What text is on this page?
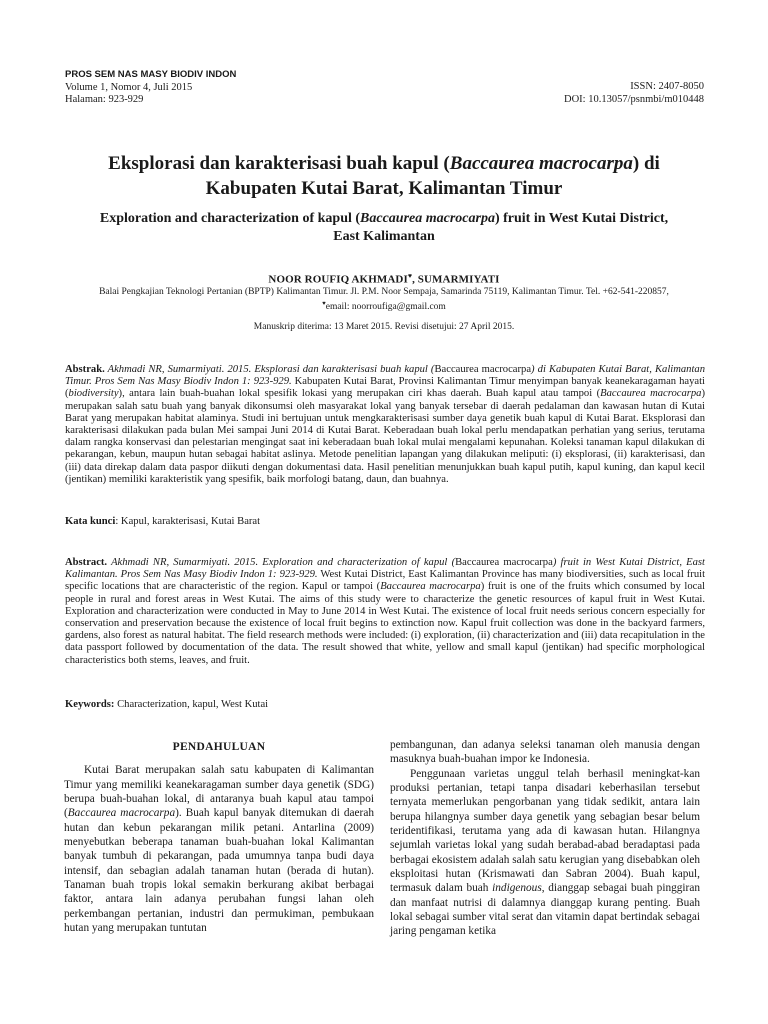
PROS SEM NAS MASY BIODIV INDON
Volume 1, Nomor 4, Juli 2015
Halaman: 923-929
ISSN: 2407-8050
DOI: 10.13057/psnmbi/m010448
Eksplorasi dan karakterisasi buah kapul (Baccaurea macrocarpa) di
Kabupaten Kutai Barat, Kalimantan Timur
Exploration and characterization of kapul (Baccaurea macrocarpa) fruit in West Kutai District,
East Kalimantan
NOOR ROUFIQ AKHMADI♥, SUMARMIYATI
Balai Pengkajian Teknologi Pertanian (BPTP) Kalimantan Timur. Jl. P.M. Noor Sempaja, Samarinda 75119, Kalimantan Timur. Tel. +62-541-220857,
♥email: noorroufiga@gmail.com
Manuskrip diterima: 13 Maret 2015. Revisi disetujui: 27 April 2015.
Abstrak. Akhmadi NR, Sumarmiyati. 2015. Eksplorasi dan karakterisasi buah kapul (Baccaurea macrocarpa) di Kabupaten Kutai Barat, Kalimantan Timur. Pros Sem Nas Masy Biodiv Indon 1: 923-929. Kabupaten Kutai Barat, Provinsi Kalimantan Timur menyimpan banyak keanekaragaman hayati (biodiversity), antara lain buah-buahan lokal spesifik lokasi yang merupakan ciri khas daerah. Buah kapul atau tampoi (Baccaurea macrocarpa) merupakan salah satu buah yang banyak dikonsumsi oleh masyarakat lokal yang banyak tersebar di daerah pedalaman dan kawasan hutan di Kutai Barat yang merupakan habitat alaminya. Studi ini bertujuan untuk mengkarakterisasi sumber daya genetik buah kapul di Kutai Barat. Eksplorasi dan karakterisasi dilakukan pada bulan Mei sampai Juni 2014 di Kutai Barat. Keberadaan buah lokal perlu mendapatkan perhatian yang serius, terutama dalam rangka konservasi dan pelestarian mengingat saat ini keberadaan buah lokal mulai mengalami kepunahan. Koleksi tanaman kapul dilakukan di pekarangan, kebun, maupun hutan sebagai habitat aslinya. Metode penelitian lapangan yang dilakukan meliputi: (i) eksplorasi, (ii) karakterisasi, dan (iii) data direkap dalam data paspor diikuti dengan dokumentasi data. Hasil penelitian menunjukkan buah kapul putih, kapul kuning, dan kapul kecil (jentikan) memiliki karakteristik yang spesifik, baik morfologi batang, daun, dan buahnya.
Kata kunci: Kapul, karakterisasi, Kutai Barat
Abstract. Akhmadi NR, Sumarmiyati. 2015. Exploration and characterization of kapul (Baccaurea macrocarpa) fruit in West Kutai District, East Kalimantan. Pros Sem Nas Masy Biodiv Indon 1: 923-929. West Kutai District, East Kalimantan Province has many biodiversities, such as local fruit specific locations that are characteristic of the region. Kapul or tampoi (Baccaurea macrocarpa) fruit is one of the fruits which consumed by local people in rural and forest areas in West Kutai. The aims of this study were to characterize the genetic resources of kapul fruit in West Kutai. Exploration and characterization were conducted in May to June 2014 in West Kutai. The existence of local fruit needs serious concern especially for conservation and preservation because the existence of local fruit begins to extinction now. Kapul fruit collection was done in the backyard farmers, gardens, also forest as natural habitat. The field research methods were included: (i) exploration, (ii) characterization and (iii) data recapitulation in the data passport followed by documentation of the data. The result showed that white, yellow and small kapul (jentikan) had specific morphological characteristics both stems, leaves, and fruit.
Keywords: Characterization, kapul, West Kutai
PENDAHULUAN

Kutai Barat merupakan salah satu kabupaten di Kalimantan Timur yang memiliki keanekaragaman sumber daya genetik (SDG) berupa buah-buahan lokal, di antaranya buah kapul atau tampoi (Baccaurea macrocarpa). Buah kapul banyak ditemukan di daerah hutan dan kebun pekarangan milik petani. Antarlina (2009) menyebutkan beberapa tanaman buah-buahan lokal Kalimantan banyak tumbuh di pekarangan, pada umumnya tanpa budi daya intensif, dan sebagian adalah tanaman hutan (berada di hutan). Tanaman buah tropis lokal semakin berkurang akibat berbagai faktor, antara lain adanya perubahan fungsi lahan oleh perkembangan pertanian, industri dan permukiman, pembukaan hutan yang merupakan tuntutan

pembangunan, dan adanya seleksi tanaman oleh manusia dengan masuknya buah-buahan impor ke Indonesia.

Penggunaan varietas unggul telah berhasil meningkat-kan produksi pertanian, tetapi tanpa disadari keberhasilan tersebut ternyata memerlukan pengorbanan yang tidak sedikit, antara lain berupa hilangnya sumber daya genetik yang sebagian besar belum teridentifikasi, terutama yang ada di kawasan hutan. Hilangnya sejumlah varietas lokal yang sudah berabad-abad beradaptasi pada berbagai ekosistem adalah salah satu kerugian yang disebabkan oleh eksploitasi hutan (Krismawati dan Sabran 2004). Buah kapul, termasuk dalam buah indigenous, dianggap sebagai buah pinggiran dan manfaat nutrisi di dalamnya dianggap kurang penting. Buah lokal sebagai sumber vital serat dan vitamin dapat bertindak sebagai jaring pengaman ketika
